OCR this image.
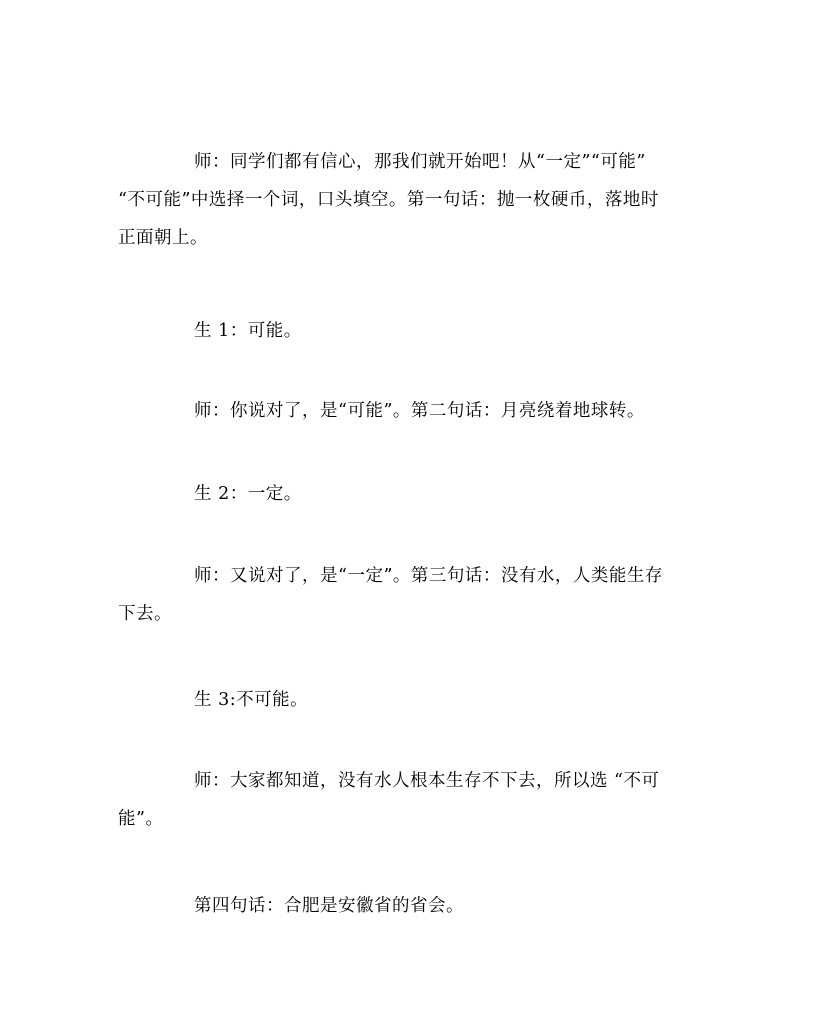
师：同学们都有信心，那我们就开始吧！从“一定”“可能”
“不可能”中选择一个词，口头填空。第一句话：抛一枚硬币，落地时
正面朝上。

生 1：可能。

师：你说对了，是“可能”。第二句话：月亮绕着地球转。

生 2：一定。

师：又说对了，是“一定”。第三句话：没有水，人类能生存
下去。

生 3:不可能。

师：大家都知道，没有水人根本生存不下去，所以选 “不可
能”。

第四句话：合肥是安徽省的省会。
